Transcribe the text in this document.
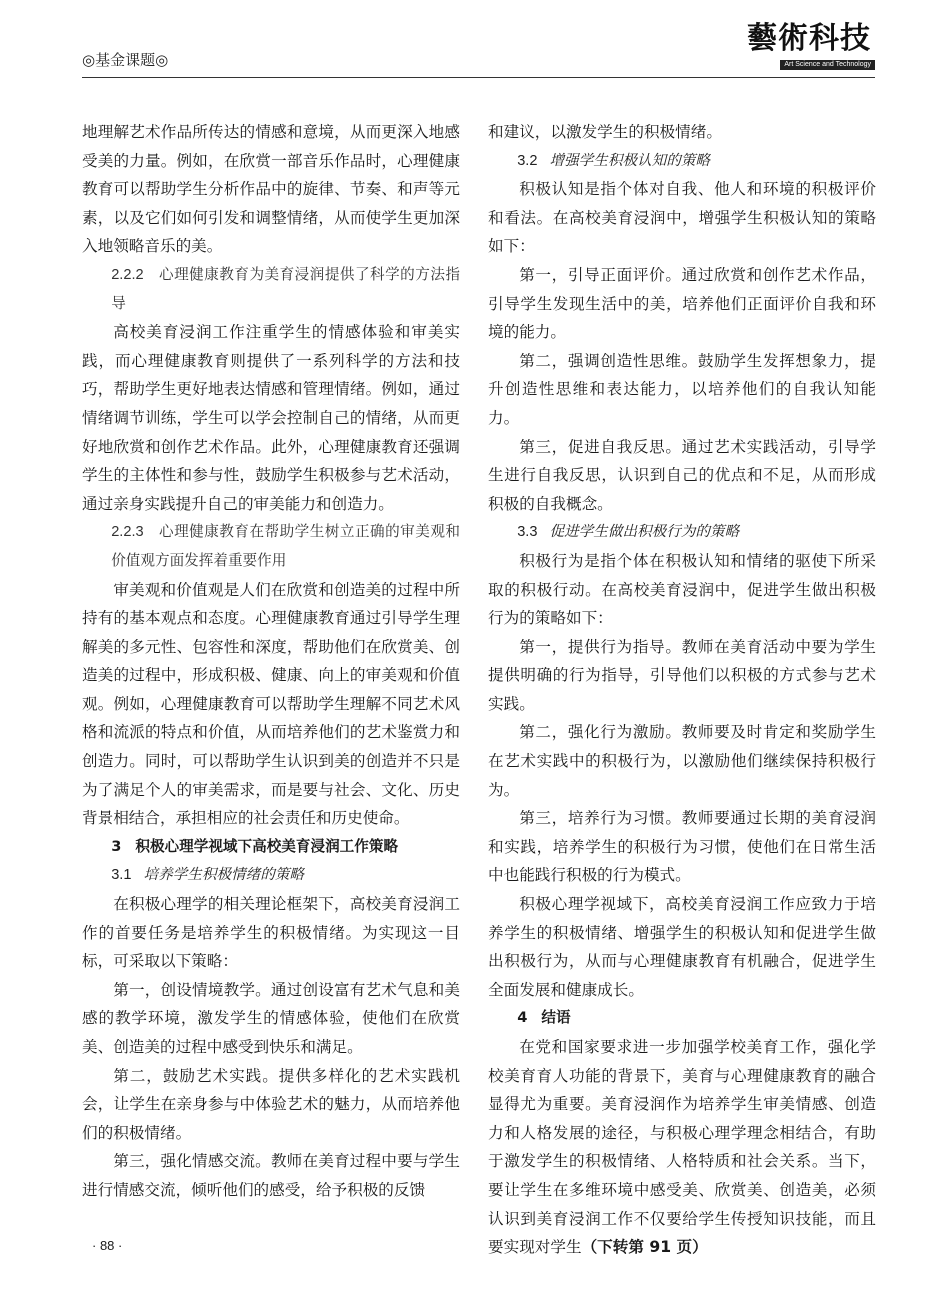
◎基金课题◎
藝術科技
Art Science and Technology

地理解艺术作品所传达的情感和意境，从而更深入地感受美的力量。例如，在欣赏一部音乐作品时，心理健康教育可以帮助学生分析作品中的旋律、节奏、和声等元素，以及它们如何引发和调整情绪，从而使学生更加深入地领略音乐的美。

2.2.2 心理健康教育为美育浸润提供了科学的方法指导

高校美育浸润工作注重学生的情感体验和审美实践，而心理健康教育则提供了一系列科学的方法和技巧，帮助学生更好地表达情感和管理情绪。例如，通过情绪调节训练，学生可以学会控制自己的情绪，从而更好地欣赏和创作艺术作品。此外，心理健康教育还强调学生的主体性和参与性，鼓励学生积极参与艺术活动，通过亲身实践提升自己的审美能力和创造力。

2.2.3 心理健康教育在帮助学生树立正确的审美观和价值观方面发挥着重要作用

审美观和价值观是人们在欣赏和创造美的过程中所持有的基本观点和态度。心理健康教育通过引导学生理解美的多元性、包容性和深度，帮助他们在欣赏美、创造美的过程中，形成积极、健康、向上的审美观和价值观。例如，心理健康教育可以帮助学生理解不同艺术风格和流派的特点和价值，从而培养他们的艺术鉴赏力和创造力。同时，可以帮助学生认识到美的创造并不只是为了满足个人的审美需求，而是要与社会、文化、历史背景相结合，承担相应的社会责任和历史使命。

3 积极心理学视域下高校美育浸润工作策略

3.1 培养学生积极情绪的策略

在积极心理学的相关理论框架下，高校美育浸润工作的首要任务是培养学生的积极情绪。为实现这一目标，可采取以下策略：

第一，创设情境教学。通过创设富有艺术气息和美感的教学环境，激发学生的情感体验，使他们在欣赏美、创造美的过程中感受到快乐和满足。

第二，鼓励艺术实践。提供多样化的艺术实践机会，让学生在亲身参与中体验艺术的魅力，从而培养他们的积极情绪。

第三，强化情感交流。教师在美育过程中要与学生进行情感交流，倾听他们的感受，给予积极的反馈

和建议，以激发学生的积极情绪。

3.2 增强学生积极认知的策略

积极认知是指个体对自我、他人和环境的积极评价和看法。在高校美育浸润中，增强学生积极认知的策略如下：

第一，引导正面评价。通过欣赏和创作艺术作品，引导学生发现生活中的美，培养他们正面评价自我和环境的能力。

第二，强调创造性思维。鼓励学生发挥想象力，提升创造性思维和表达能力，以培养他们的自我认知能力。

第三，促进自我反思。通过艺术实践活动，引导学生进行自我反思，认识到自己的优点和不足，从而形成积极的自我概念。

3.3 促进学生做出积极行为的策略

积极行为是指个体在积极认知和情绪的驱使下所采取的积极行动。在高校美育浸润中，促进学生做出积极行为的策略如下：

第一，提供行为指导。教师在美育活动中要为学生提供明确的行为指导，引导他们以积极的方式参与艺术实践。

第二，强化行为激励。教师要及时肯定和奖励学生在艺术实践中的积极行为，以激励他们继续保持积极行为。

第三，培养行为习惯。教师要通过长期的美育浸润和实践，培养学生的积极行为习惯，使他们在日常生活中也能践行积极的行为模式。

积极心理学视域下，高校美育浸润工作应致力于培养学生的积极情绪、增强学生的积极认知和促进学生做出积极行为，从而与心理健康教育有机融合，促进学生全面发展和健康成长。

4 结语

在党和国家要求进一步加强学校美育工作，强化学校美育育人功能的背景下，美育与心理健康教育的融合显得尤为重要。美育浸润作为培养学生审美情感、创造力和人格发展的途径，与积极心理学理念相结合，有助于激发学生的积极情绪、人格特质和社会关系。当下，要让学生在多维环境中感受美、欣赏美、创造美，必须认识到美育浸润工作不仅要给学生传授知识技能，而且要实现对学生（下转第 91 页）

· 88 ·
